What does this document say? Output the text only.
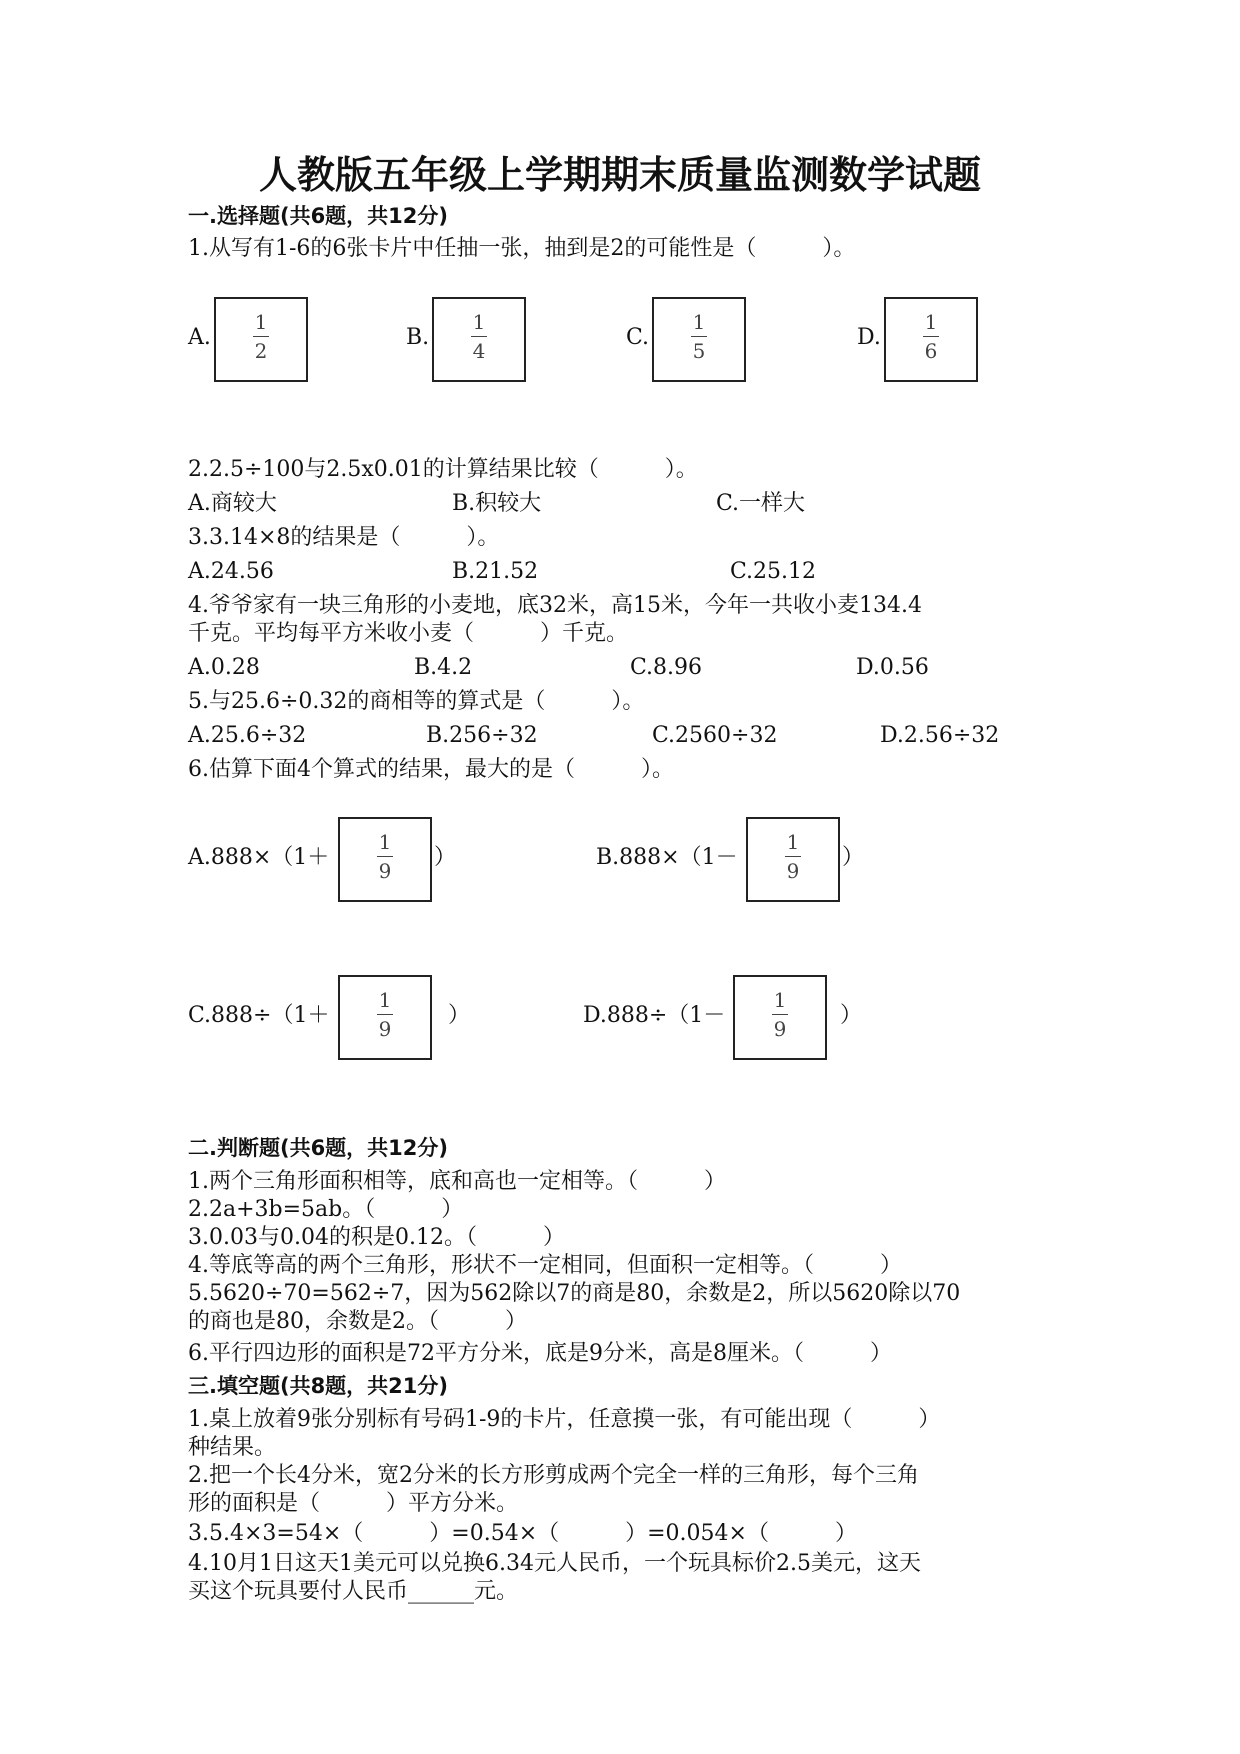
人教版五年级上学期期末质量监测数学试题
一.选择题(共6题，共12分)
1.从写有1-6的6张卡片中任抽一张，抽到是2的可能性是（　　　）。
A.
1
2
B.
1
4
C.
1
5
D.
1
6
2.2.5÷100与2.5x0.01的计算结果比较（　　　）。
A.商较大	B.积较大	C.一样大
3.3.14×8的结果是（　　　）。
A.24.56	B.21.52	C.25.12
4.爷爷家有一块三角形的小麦地，底32米，高15米，今年一共收小麦134.4
千克。平均每平方米收小麦（　　　）千克。
A.0.28	B.4.2	C.8.96	D.0.56
5.与25.6÷0.32的商相等的算式是（　　　）。
A.25.6÷32	B.256÷32	C.2560÷32	D.2.56÷32
6.估算下面4个算式的结果，最大的是（　　　）。
A.888×（1＋
1
9
）	B.888×（1－
1
9
）
C.888÷（1＋
1
9
）	D.888÷（1－
1
9
）
二.判断题(共6题，共12分)
1.两个三角形面积相等，底和高也一定相等。（　　　）
2.2a+3b=5ab。（　　　）
3.0.03与0.04的积是0.12。（　　　）
4.等底等高的两个三角形，形状不一定相同，但面积一定相等。（　　　）
5.5620÷70=562÷7，因为562除以7的商是80，余数是2，所以5620除以70
的商也是80，余数是2。（　　　）
6.平行四边形的面积是72平方分米，底是9分米，高是8厘米。（　　　）
三.填空题(共8题，共21分)
1.桌上放着9张分别标有号码1-9的卡片，任意摸一张，有可能出现（　　　）
种结果。
2.把一个长4分米，宽2分米的长方形剪成两个完全一样的三角形，每个三角
形的面积是（　　　）平方分米。
3.5.4×3=54×（　　　）=0.54×（　　　）=0.054×（　　　）
4.10月1日这天1美元可以兑换6.34元人民币，一个玩具标价2.5美元，这天
买这个玩具要付人民币______元。
